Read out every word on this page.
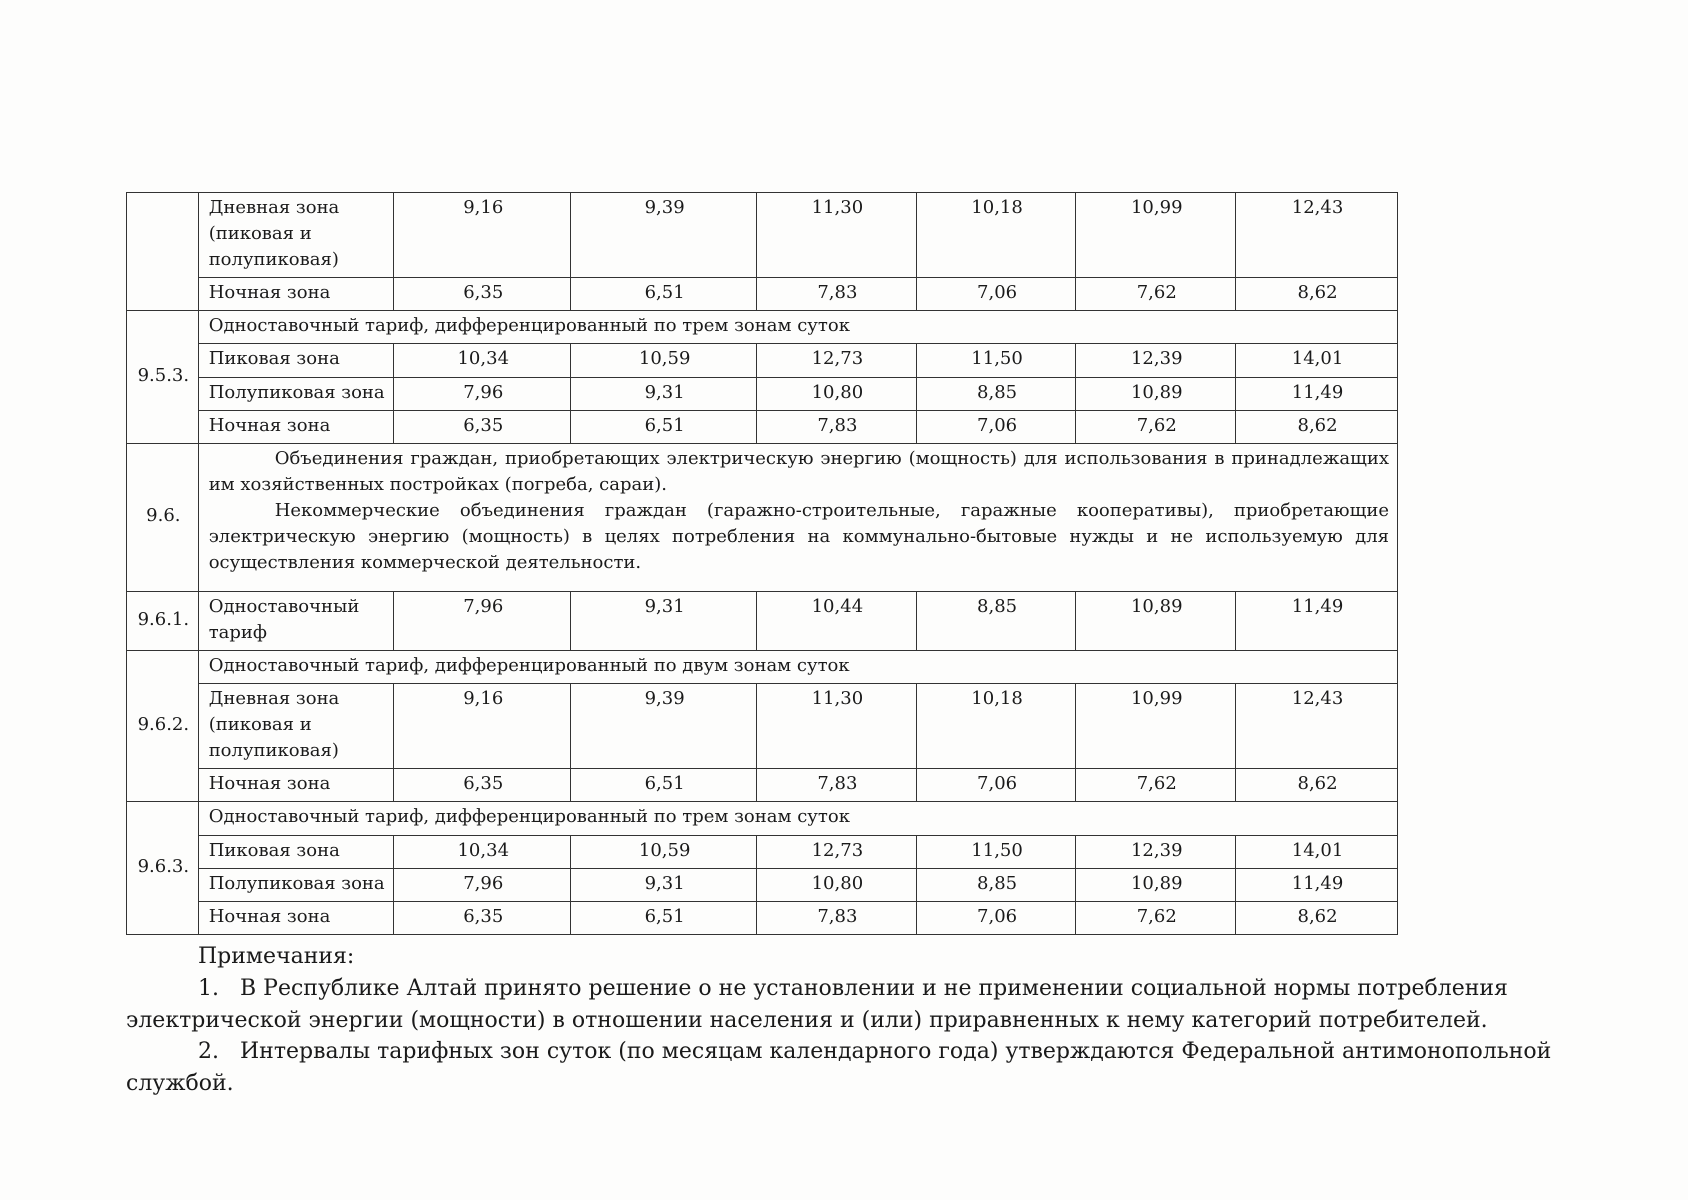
	Дневная зона (пиковая и полупиковая)	9,16	9,39	11,30	10,18	10,99	12,43
	Ночная зона	6,35	6,51	7,83	7,06	7,62	8,62
9.5.3.	Одноставочный тариф, дифференцированный по трем зонам суток						
	Пиковая зона	10,34	10,59	12,73	11,50	12,39	14,01
	Полупиковая зона	7,96	9,31	10,80	8,85	10,89	11,49
	Ночная зона	6,35	6,51	7,83	7,06	7,62	8,62
9.6.	Объединения граждан, приобретающих электрическую энергию (мощность) для использования в принадлежащих им хозяйственных постройках (погреба, сараи).

Некоммерческие объединения граждан (гаражно-строительные, гаражные кооперативы), приобретающие электрическую энергию (мощность) в целях потребления на коммунально-бытовые нужды и не используемую для осуществления коммерческой деятельности.						

9.6.1.	Одноставочный тариф	7,96	9,31	10,44	8,85	10,89	11,49
9.6.2.	Одноставочный тариф, дифференцированный по двум зонам суток						
	Дневная зона (пиковая и полупиковая)	9,16	9,39	11,30	10,18	10,99	12,43
	Ночная зона	6,35	6,51	7,83	7,06	7,62	8,62
9.6.3.	Одноставочный тариф, дифференцированный по трем зонам суток						
	Пиковая зона	10,34	10,59	12,73	11,50	12,39	14,01
	Полупиковая зона	7,96	9,31	10,80	8,85	10,89	11,49
	Ночная зона	6,35	6,51	7,83	7,06	7,62	8,62
Примечания:
1. В Республике Алтай принято решение о не установлении и не применении социальной нормы потребления электрической энергии (мощности) в отношении населения и (или) приравненных к нему категорий потребителей.
2. Интервалы тарифных зон суток (по месяцам календарного года) утверждаются Федеральной антимонопольной службой.
